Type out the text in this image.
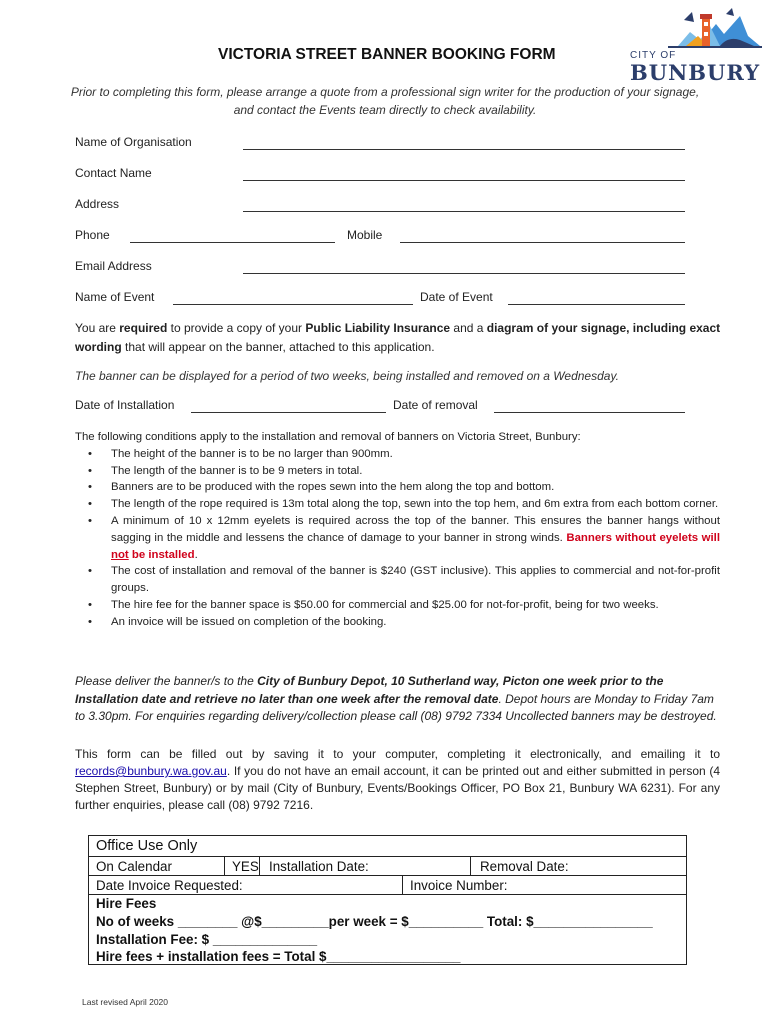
CITY OF
BUNBURY
VICTORIA STREET BANNER BOOKING FORM
Prior to completing this form, please arrange a quote from a professional sign writer for the production of your signage, and contact the Events team directly to check availability.
Name of Organisation
Contact Name
Address
Phone	Mobile
Email Address
Name of Event	Date of Event
You are required to provide a copy of your Public Liability Insurance and a diagram of your signage, including exact wording that will appear on the banner, attached to this application.
The banner can be displayed for a period of two weeks, being installed and removed on a Wednesday.
Date of Installation	Date of removal
The following conditions apply to the installation and removal of banners on Victoria Street, Bunbury:
• The height of the banner is to be no larger than 900mm.
• The length of the banner is to be 9 meters in total.
• Banners are to be produced with the ropes sewn into the hem along the top and bottom.
• The length of the rope required is 13m total along the top, sewn into the top hem, and 6m extra from each bottom corner.
• A minimum of 10 x 12mm eyelets is required across the top of the banner. This ensures the banner hangs without sagging in the middle and lessens the chance of damage to your banner in strong winds. Banners without eyelets will not be installed.
• The cost of installation and removal of the banner is $240 (GST inclusive). This applies to commercial and not-for-profit groups.
• The hire fee for the banner space is $50.00 for commercial and $25.00 for not-for-profit, being for two weeks.
• An invoice will be issued on completion of the booking.
Please deliver the banner/s to the City of Bunbury Depot, 10 Sutherland way, Picton one week prior to the Installation date and retrieve no later than one week after the removal date. Depot hours are Monday to Friday 7am to 3.30pm. For enquiries regarding delivery/collection please call (08) 9792 7334 Uncollected banners may be destroyed.
This form can be filled out by saving it to your computer, completing it electronically, and emailing it to records@bunbury.wa.gov.au. If you do not have an email account, it can be printed out and either submitted in person (4 Stephen Street, Bunbury) or by mail (City of Bunbury, Events/Bookings Officer, PO Box 21, Bunbury WA 6231). For any further enquiries, please call (08) 9792 7216.
Office Use Only
On Calendar	YES Installation Date:	Removal Date:
Date Invoice Requested:	Invoice Number:
Hire Fees
No of weeks ________ @$_________per week = $__________ Total: $________________
Installation Fee: $ ______________
Hire fees + installation fees = Total $__________________
Last revised April 2020
